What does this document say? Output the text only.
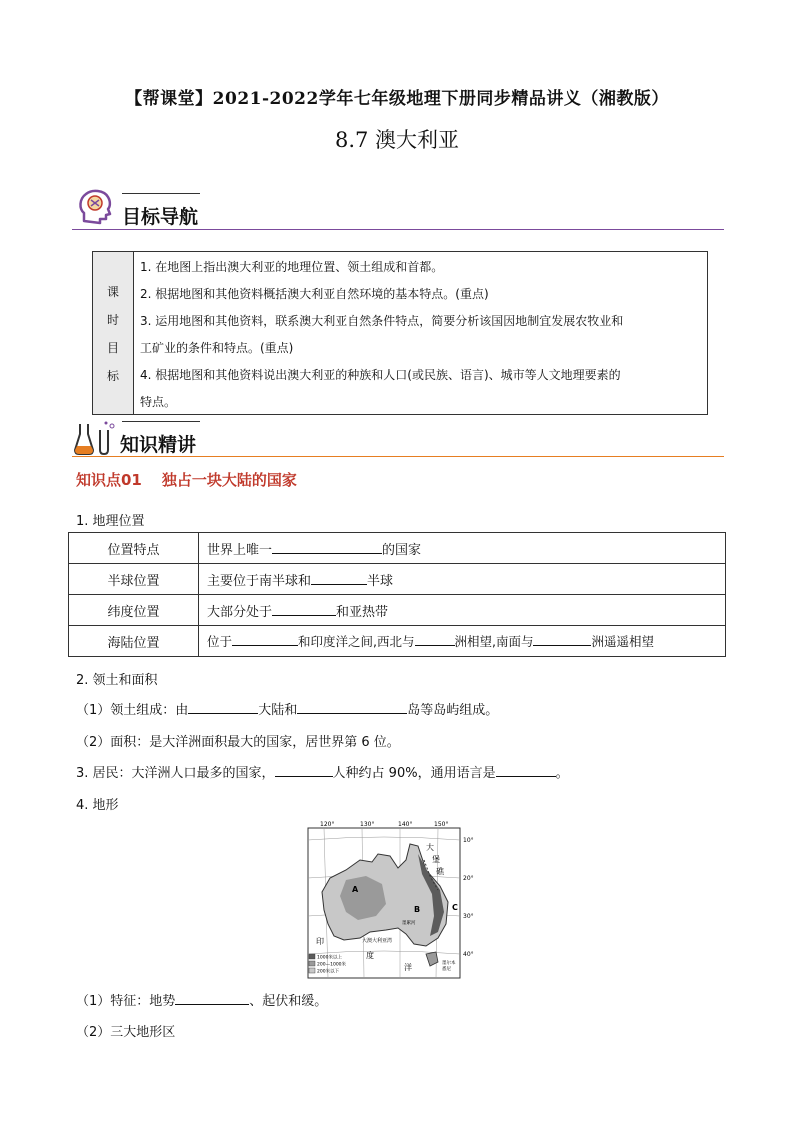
【帮课堂】2021-2022学年七年级地理下册同步精品讲义（湘教版）
8.7 澳大利亚
目标导航
课
时
目
标
1. 在地图上指出澳大利亚的地理位置、领土组成和首都。
2. 根据地图和其他资料概括澳大利亚自然环境的基本特点。(重点)
3. 运用地图和其他资料，联系澳大利亚自然条件特点，简要分析该国因地制宜发展农牧业和
工矿业的条件和特点。(重点)
4. 根据地图和其他资料说出澳大利亚的种族和人口(或民族、语言)、城市等人文地理要素的
特点。
知识精讲
知识点01 独占一块大陆的国家
1. 地理位置
位置特点	世界上唯一 的国家
半球位置	主要位于南半球和 半球
纬度位置	大部分处于 和亚热带
海陆位置	位于 和印度洋之间,西北与 洲相望,南面与 洲遥遥相望
2. 领土和面积
（1）领土组成：由	大陆和	岛等岛屿组成。
（2）面积：是大洋洲面积最大的国家，居世界第 6 位。
3. 居民：大洋洲人口最多的国家，	人种约占 90%，通用语言是	。
4. 地形
120°	130°	140°	150°
10°
20°
30°
40°
A
B	C
大
堡
礁
墨累河
大澳大利亚湾
印
度
洋	墨尔本
悉尼
1000米以上
200—1000米
200米以下
（1）特征：地势	、起伏和缓。
（2）三大地形区
